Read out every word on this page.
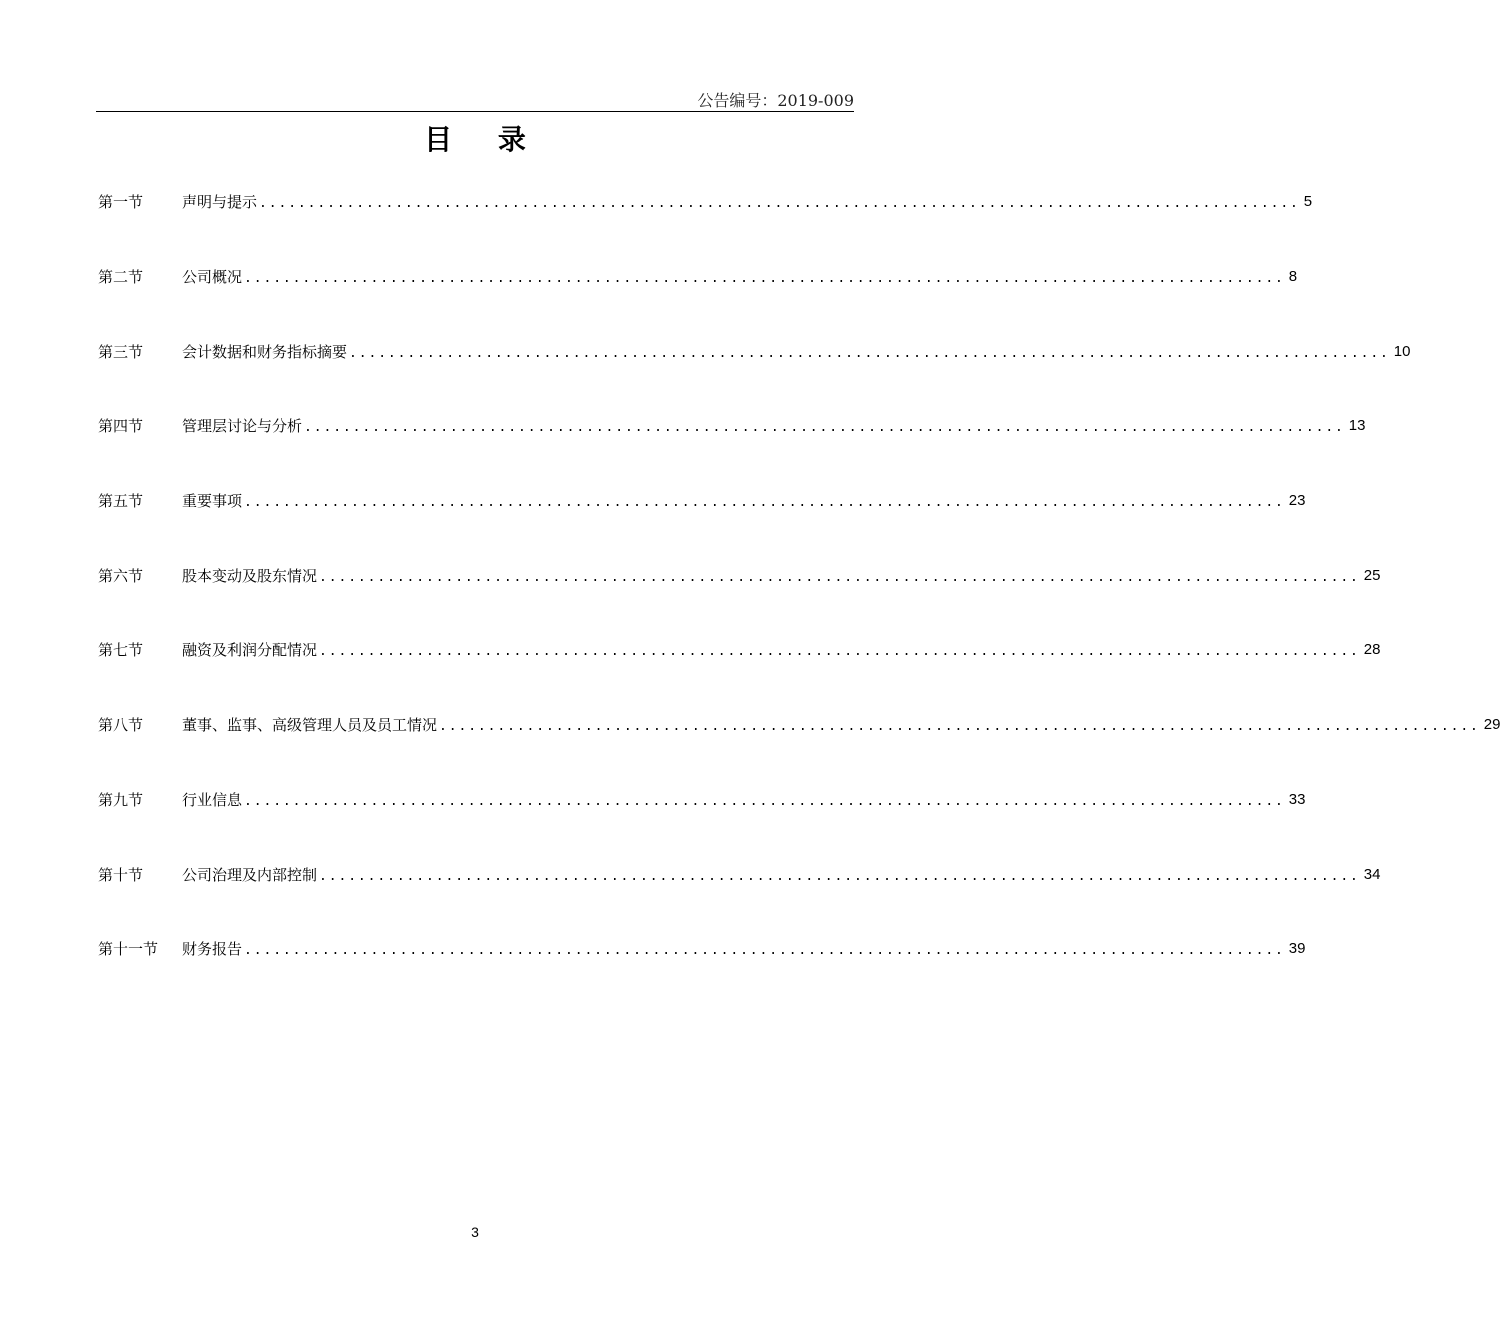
公告编号：2019-009
目 录
第一节	声明与提示 ........................................................................................................... 5
第二节	公司概况 ........................................................................................................... 8
第三节	会计数据和财务指标摘要 ........................................................................................................... 10
第四节	管理层讨论与分析 ........................................................................................................... 13
第五节	重要事项 ........................................................................................................... 23
第六节	股本变动及股东情况 ........................................................................................................... 25
第七节	融资及利润分配情况 ........................................................................................................... 28
第八节	董事、监事、高级管理人员及员工情况 ........................................................................................................... 29
第九节	行业信息 ........................................................................................................... 33
第十节	公司治理及内部控制 ........................................................................................................... 34
第十一节	财务报告 ........................................................................................................... 39
3
